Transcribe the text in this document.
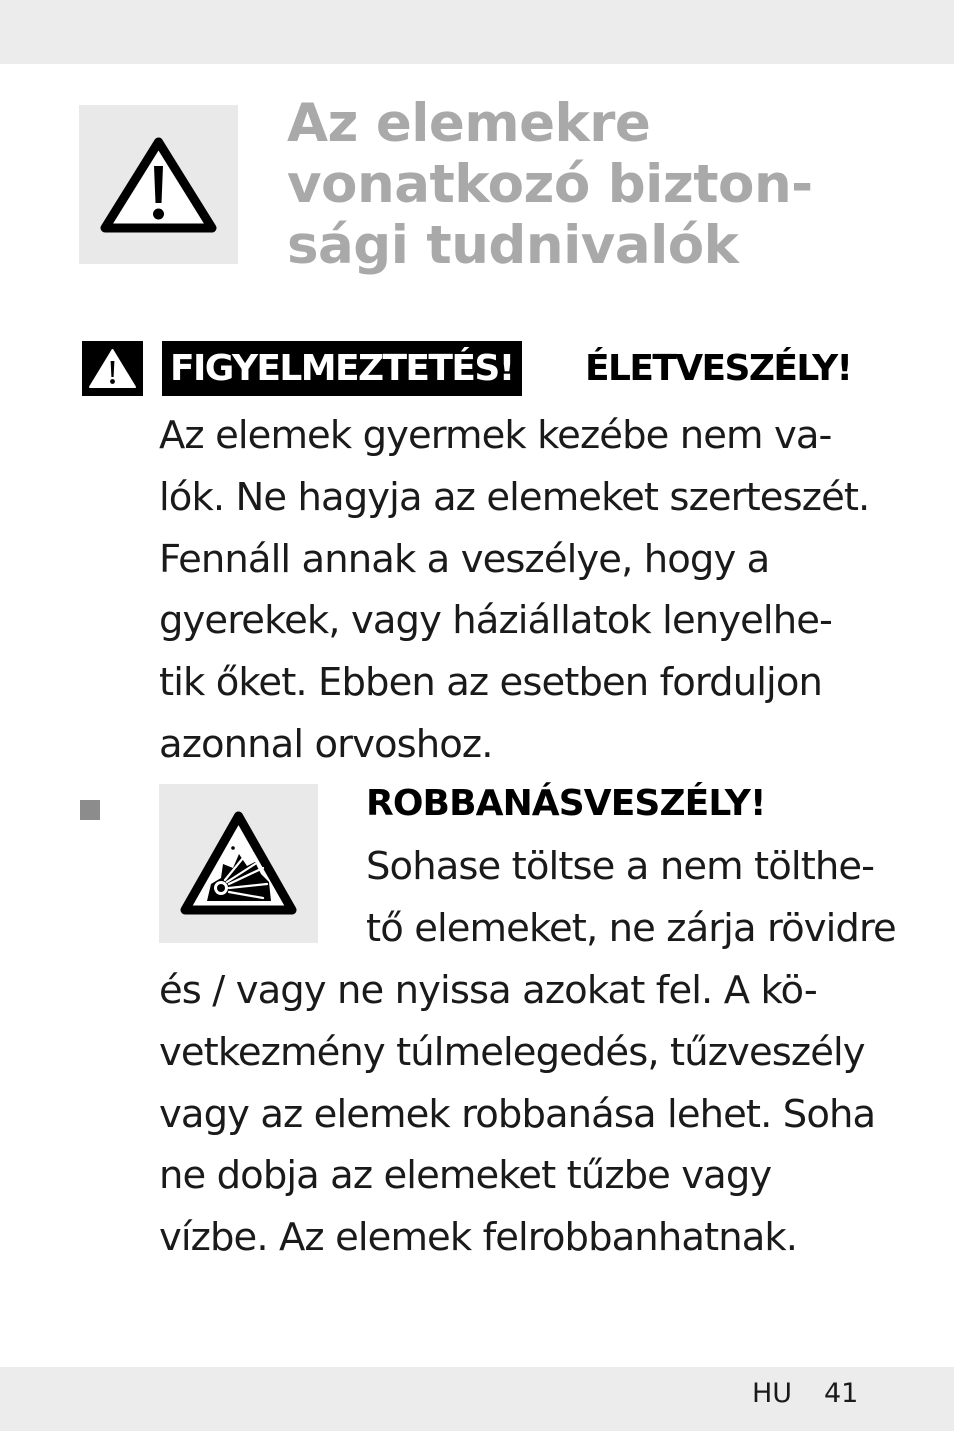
Az elemekre
vonatkozó bizton-
sági tudnivalók
FIGYELMEZTETÉS! ÉLETVESZÉLY!

Az elemek gyermek kezébe nem va-
lók. Ne hagyja az elemeket szerteszét.
Fennáll annak a veszélye, hogy a
gyerekek, vagy háziállatok lenyelhe-
tik őket. Ebben az esetben forduljon
azonnal orvoshoz.

ROBBANÁSVESZÉLY!

Sohase töltse a nem tölthe-
tő elemeket, ne zárja rövidre

és / vagy ne nyissa azokat fel. A kö-
vetkezmény túlmelegedés, tűzveszély
vagy az elemek robbanása lehet. Soha
ne dobja az elemeket tűzbe vagy
vízbe. Az elemek felrobbanhatnak.

HU 41
